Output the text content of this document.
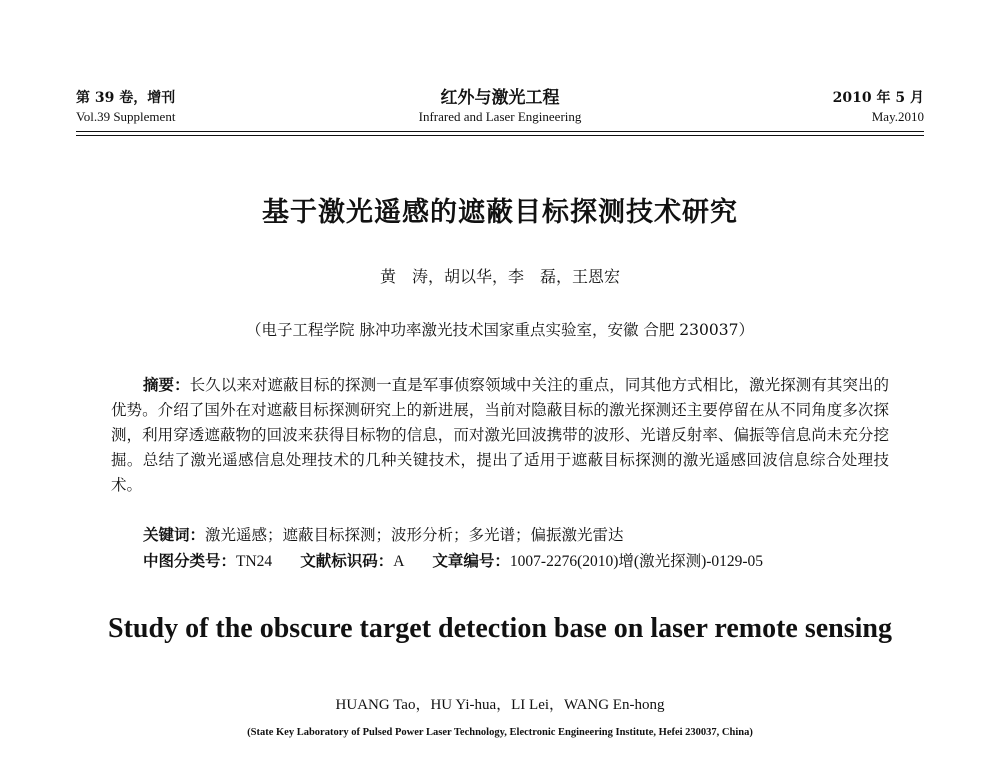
第 39 卷，增刊
Vol.39 Supplement
红外与激光工程
Infrared and Laser Engineering
2010 年 5 月
May.2010
基于激光遥感的遮蔽目标探测技术研究
黄　涛，胡以华，李　磊，王恩宏
（电子工程学院 脉冲功率激光技术国家重点实验室，安徽 合肥 230037）
摘要：长久以来对遮蔽目标的探测一直是军事侦察领域中关注的重点，同其他方式相比，激光探测有其突出的优势。介绍了国外在对遮蔽目标探测研究上的新进展，当前对隐蔽目标的激光探测还主要停留在从不同角度多次探测，利用穿透遮蔽物的回波来获得目标物的信息，而对激光回波携带的波形、光谱反射率、偏振等信息尚未充分挖掘。总结了激光遥感信息处理技术的几种关键技术，提出了适用于遮蔽目标探测的激光遥感回波信息综合处理技术。
关键词：激光遥感；遮蔽目标探测；波形分析；多光谱；偏振激光雷达
中图分类号：TN24 文献标识码：A 文章编号：1007-2276(2010)增(激光探测)-0129-05
Study of the obscure target detection base on laser remote sensing
HUANG Tao，HU Yi-hua，LI Lei，WANG En-hong
(State Key Laboratory of Pulsed Power Laser Technology, Electronic Engineering Institute, Hefei 230037, China)
